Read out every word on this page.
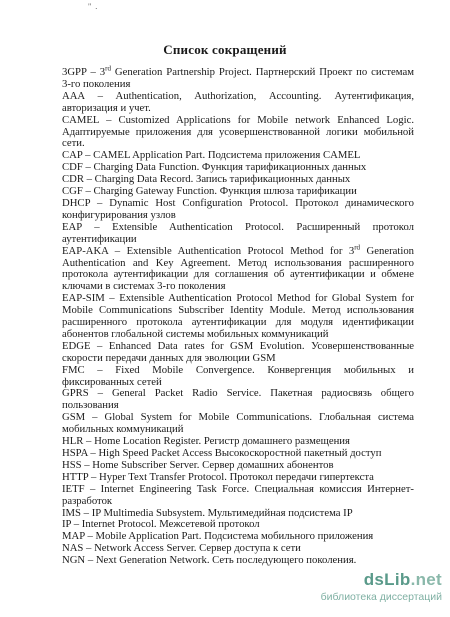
" .
Список сокращений

3GPP – 3rd Generation Partnership Project. Партнерский Проект по системам 3-го поколения

AAA – Authentication, Authorization, Accounting. Аутентификация, авторизация и учет.

CAMEL – Customized Applications for Mobile network Enhanced Logic. Адаптируемые приложения для усовершенствованной логики мобильной сети.

CAP – CAMEL Application Part. Подсистема приложения CAMEL

CDF – Charging Data Function. Функция тарификационных данных

CDR – Charging Data Record. Запись тарификационных данных

CGF – Charging Gateway Function. Функция шлюза тарификации

DHCP – Dynamic Host Configuration Protocol. Протокол динамического конфигурирования узлов

EAP – Extensible Authentication Protocol. Расширенный протокол аутентификации

EAP-AKA – Extensible Authentication Protocol Method for 3rd Generation Authentication and Key Agreement. Метод использования расширенного протокола аутентификации для соглашения об аутентификации и обмене ключами в системах 3-го поколения

EAP-SIM – Extensible Authentication Protocol Method for Global System for Mobile Communications Subscriber Identity Module. Метод использования расширенного протокола аутентификации для модуля идентификации абонентов глобальной системы мобильных коммуникаций

EDGE – Enhanced Data rates for GSM Evolution. Усовершенствованные скорости передачи данных для эволюции GSM

FMC – Fixed Mobile Convergence. Конвергенция мобильных и фиксированных сетей

GPRS – General Packet Radio Service. Пакетная радиосвязь общего пользования

GSM – Global System for Mobile Communications. Глобальная система мобильных коммуникаций

HLR – Home Location Register. Регистр домашнего размещения

HSPA – High Speed Packet Access Высокоскоростной пакетный доступ

HSS – Home Subscriber Server. Сервер домашних абонентов

HTTP – Hyper Text Transfer Protocol. Протокол передачи гипертекста

IETF – Internet Engineering Task Force. Специальная комиссия Интернет-разработок

IMS – IP Multimedia Subsystem. Мультимедийная подсистема IP

IP – Internet Protocol. Межсетевой протокол

MAP – Mobile Application Part. Подсистема мобильного приложения

NAS – Network Access Server. Сервер доступа к сети

NGN – Next Generation Network. Сеть последующего поколения.

dsLib.net
библиотека диссертаций
